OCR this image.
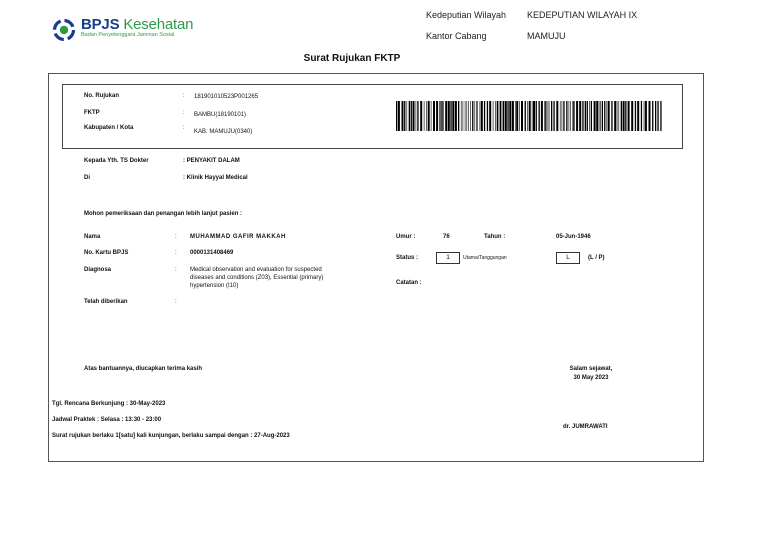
BPJS Kesehatan
Badan Penyelenggara Jaminan Sosial
Kedeputian Wilayah KEDEPUTIAN WILAYAH IX
Kantor Cabang	MAMUJU
Surat Rujukan FKTP
No. Rujukan	: 181901010523P001265
FKTP	: BAMBU(18190101)
Kabupaten / Kota	:
KAB. MAMUJU(0340)
Kepada Yth. TS Dokter	: PENYAKIT DALAM
Di	: Klinik Hayyal Medical
Mohon pemeriksaan dan penangan lebih lanjut pasien :
Nama	: MUHAMMAD GAFIR MAKKAH
No. Kartu BPJS	: 0000131408469
Diagnosa	: Medical observation and evaluation for suspected
diseases and conditions (Z03), Essential (primary)
hypertension (I10)
Telah diberikan	:
Umur :	76	Tahun :	05-Jun-1946
Status :	1	Utama/Tanggungan	L	(L / P)
Catatan :
Atas bantuannya, diucapkan terima kasih	Salam sejawat,
30 May 2023
Tgl. Rencana Berkunjung : 30-May-2023
Jadwal Praktek : Selasa : 13:30 - 23:00
Surat rujukan berlaku 1[satu] kali kunjungan, berlaku sampai dengan : 27-Aug-2023
dr. JUMRAWATI
